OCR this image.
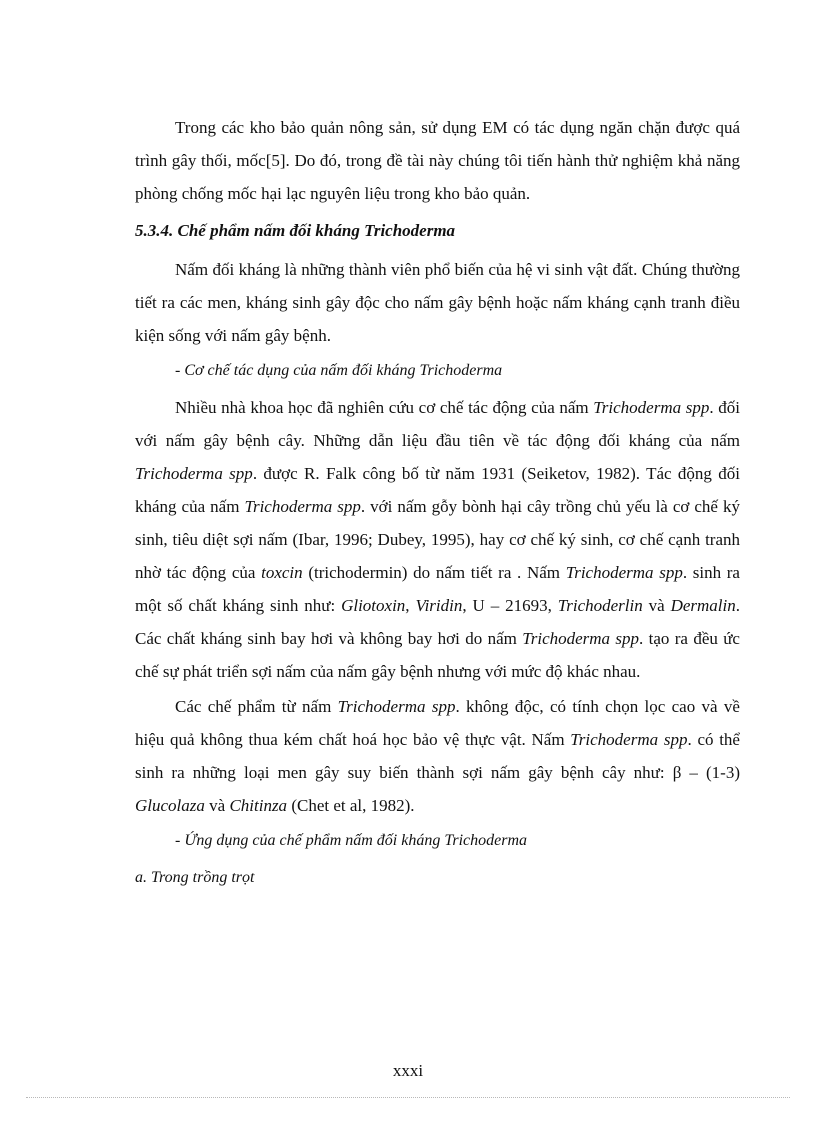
Trong các kho bảo quản nông sản, sử dụng EM có tác dụng ngăn chặn được quá trình gây thối, mốc[5]. Do đó, trong đề tài này chúng tôi tiến hành thử nghiệm khả năng phòng chống mốc hại lạc nguyên liệu trong kho bảo quản.

5.3.4. Chế phẩm nấm đối kháng Trichoderma

Nấm đối kháng là những thành viên phổ biến của hệ vi sinh vật đất. Chúng thường tiết ra các men, kháng sinh gây độc cho nấm gây bệnh hoặc nấm kháng cạnh tranh điều kiện sống với nấm gây bệnh.

- Cơ chế tác dụng của nấm đối kháng Trichoderma

Nhiều nhà khoa học đã nghiên cứu cơ chế tác động của nấm Trichoderma spp. đối với nấm gây bệnh cây. Những dẫn liệu đầu tiên về tác động đối kháng của nấm Trichoderma spp. được R. Falk công bố từ năm 1931 (Seiketov, 1982). Tác động đối kháng của nấm Trichoderma spp. với nấm gỗy bònh hại cây trồng chủ yếu là cơ chế ký sinh, tiêu diệt sợi nấm (Ibar, 1996; Dubey, 1995), hay cơ chế ký sinh, cơ chế cạnh tranh nhờ tác động của toxcin (trichodermin) do nấm tiết ra . Nấm Trichoderma spp. sinh ra một số chất kháng sinh như: Gliotoxin, Viridin, U – 21693, Trichoderlin và Dermalin. Các chất kháng sinh bay hơi và không bay hơi do nấm Trichoderma spp. tạo ra đều ức chế sự phát triển sợi nấm của nấm gây bệnh nhưng với mức độ khác nhau.

Các chế phẩm từ nấm Trichoderma spp. không độc, có tính chọn lọc cao và về hiệu quả không thua kém chất hoá học bảo vệ thực vật. Nấm Trichoderma spp. có thể sinh ra những loại men gây suy biến thành sợi nấm gây bệnh cây như: β – (1-3) Glucolaza và Chitinza (Chet et al, 1982).

- Ứng dụng của chế phẩm nấm đối kháng Trichoderma

a. Trong trồng trọt

xxxi
